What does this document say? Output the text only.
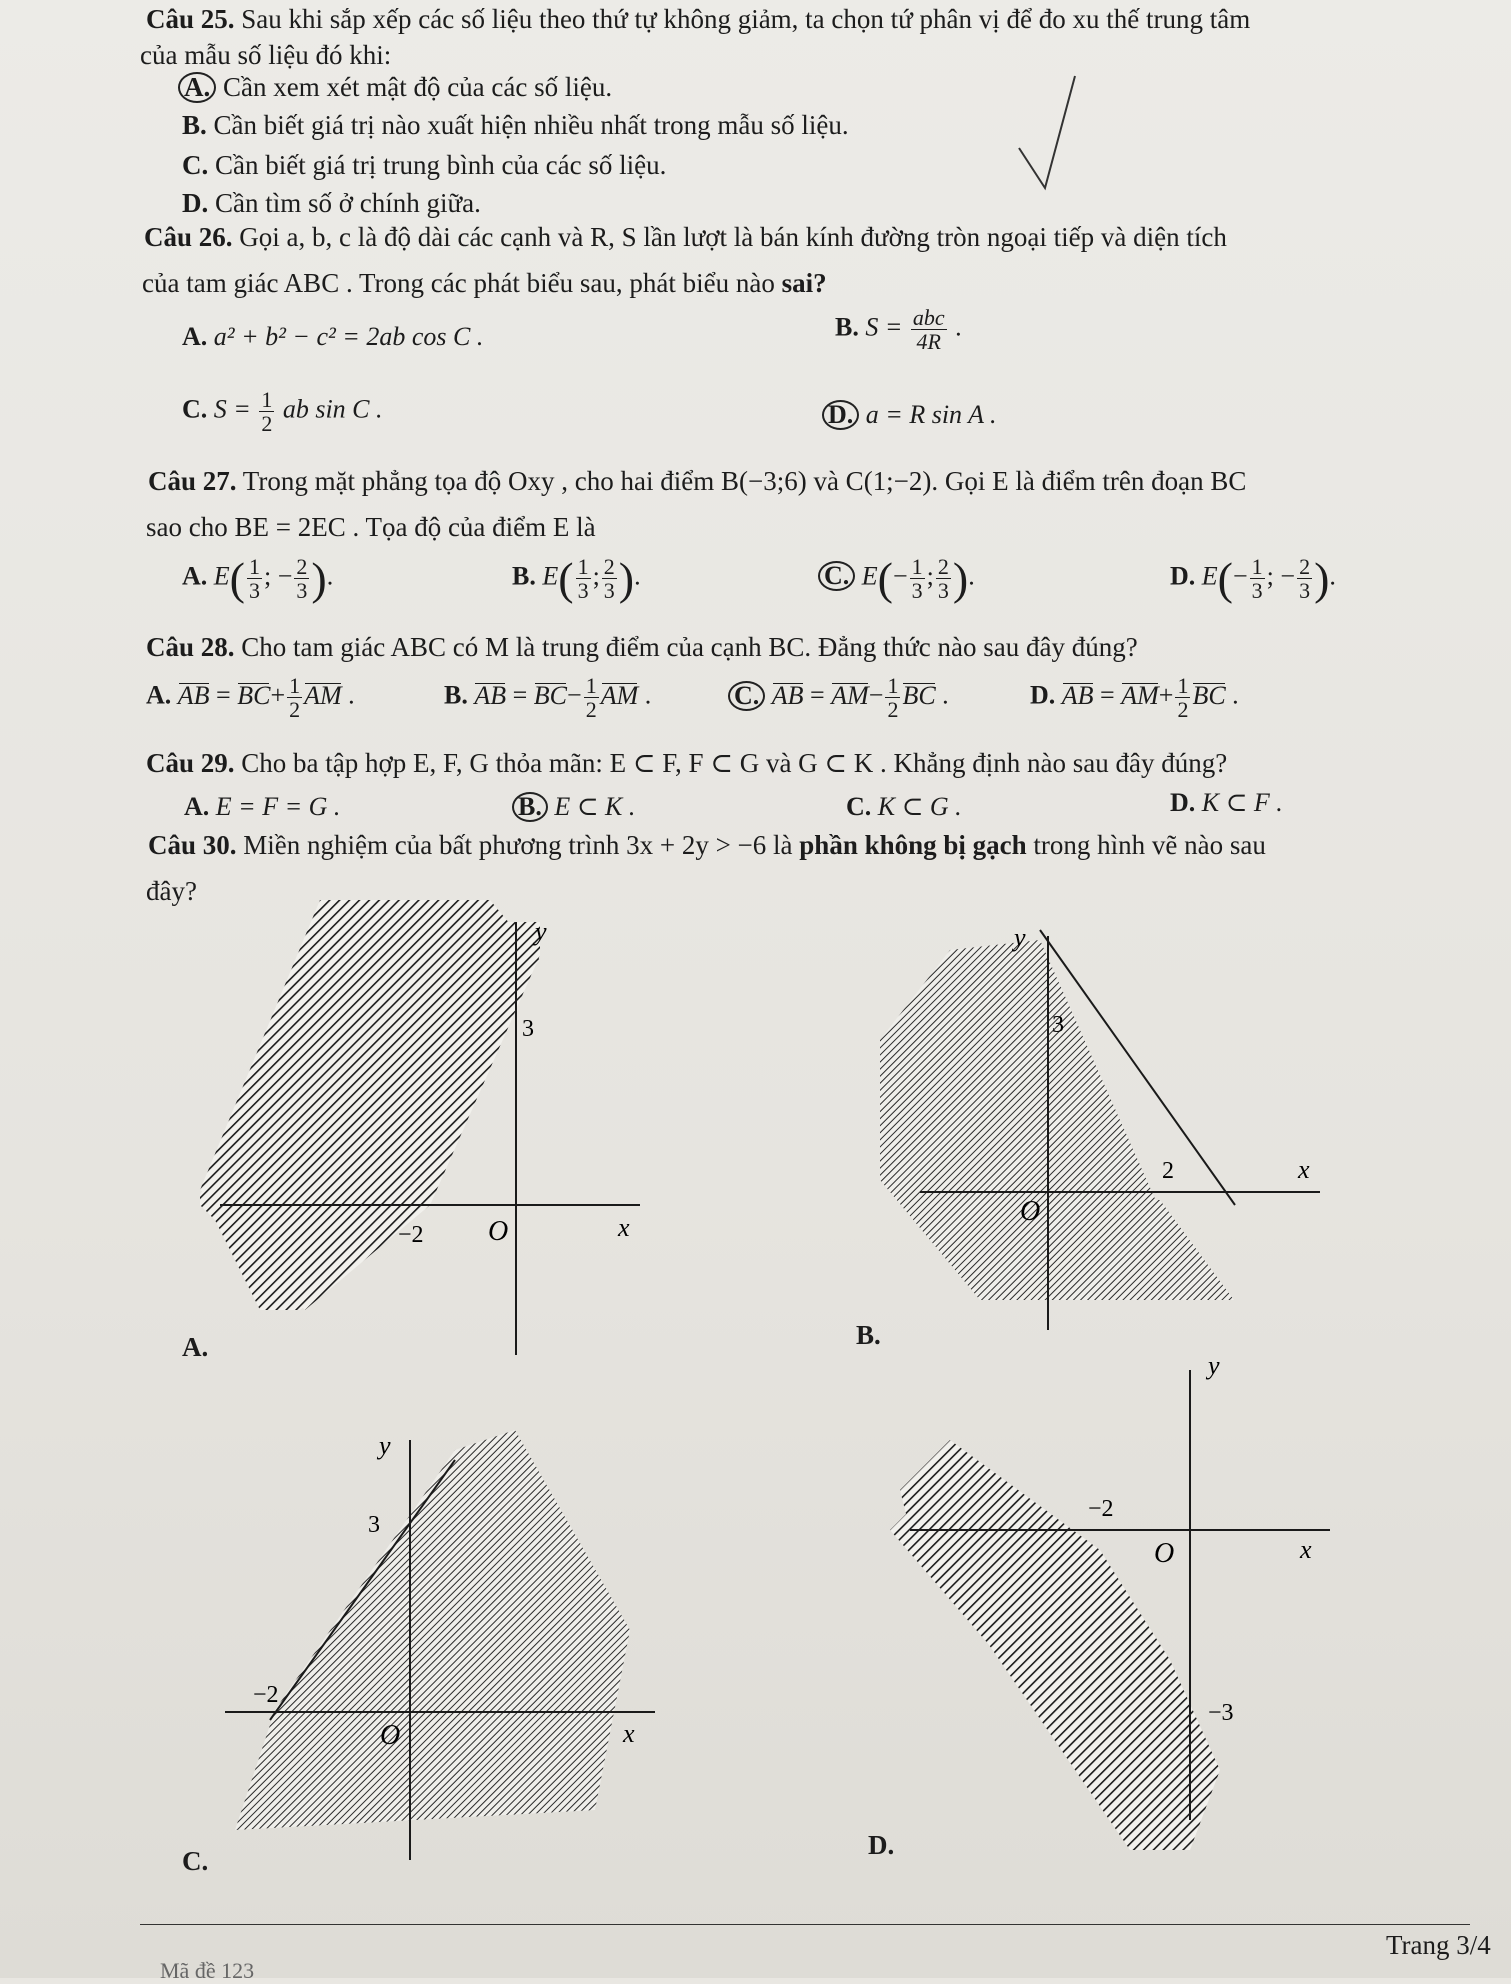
Câu 25. Sau khi sắp xếp các số liệu theo thứ tự không giảm, ta chọn tứ phân vị để đo xu thế trung tâm
của mẫu số liệu đó khi:
A. Cần xem xét mật độ của các số liệu.
B. Cần biết giá trị nào xuất hiện nhiều nhất trong mẫu số liệu.
C. Cần biết giá trị trung bình của các số liệu.
D. Cần tìm số ở chính giữa.
Câu 26. Gọi a, b, c là độ dài các cạnh và R, S lần lượt là bán kính đường tròn ngoại tiếp và diện tích
của tam giác ABC . Trong các phát biểu sau, phát biểu nào sai?
A. a² + b² − c² = 2ab cos C .	B. $S = \frac{\text{abc}}{4R}$ .
C. $S = \frac{1}{2}$ ab sin C .	D. a = R sin A .
Câu 27. Trong mặt phẳng tọa độ Oxy , cho hai điểm B(−3;6) và C(1;−2). Gọi E là điểm trên đoạn BC
sao cho BE = 2EC . Tọa độ của điểm E là
A. $E( \frac{1}{3}$ ; − $\frac{2}{3}$ ).	B. $E( \frac{1}{3}$ ; $\frac{2}{3}$ ).	C. $E(- \frac{1}{3}$ ; $\frac{2}{3}$ ).	D. $E(- \frac{1}{3}$ ; − $\frac{2}{3}$ ).
Câu 28. Cho tam giác ABC có M là trung điểm của cạnh BC. Đẳng thức nào sau đây đúng?
A. AB = $BC+ \frac{1}{2}$ AM .	B. AB = $BC- \frac{1}{2}$ AM .	C. AB = $AM- \frac{1}{2}$ BC .	D. AB = $AM+ \frac{1}{2}$ BC .
Câu 29. Cho ba tập hợp E, F, G thỏa mãn: E ⊂ F, F ⊂ G và G ⊂ K . Khẳng định nào sau đây đúng?
A. E = F = G .	B. E ⊂ K .	C. K ⊂ G .	D. K ⊂ F .
Câu 30. Miền nghiệm của bất phương trình 3x + 2y > −6 là phần không bị gạch trong hình vẽ nào sau
đây?
y
3
−2 O	x
A.
y
3
2
O
x
B.
y
3
−2
O	x
C.
y
−2
O	x
−3
D.
Trang 3/4
Mã đề 123
